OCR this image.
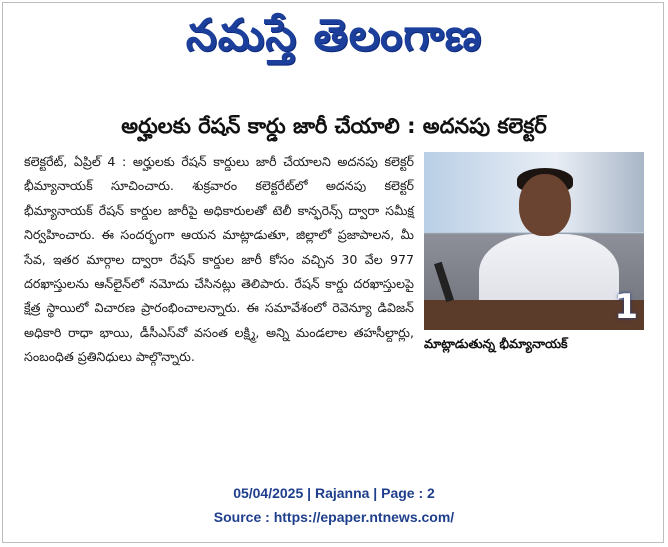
నమస్తే తెలంగాణ
అర్హులకు రేషన్ కార్డు జారీ చేయాలి : అదనపు కలెక్టర్
1
మాట్లాడుతున్న భీమ్యానాయక్

కలెక్టరేట్, ఏప్రిల్ 4 : అర్హులకు రేషన్ కార్డులు జారీ చేయాలని అదనపు కలెక్టర్ భీమ్యానాయక్ సూచించారు. శుక్రవారం కలెక్టరేట్‌లో అదనపు కలెక్టర్ భీమ్యానాయక్ రేషన్ కార్డుల జారీపై అధికారులతో టెలీ కాన్ఫరెన్స్ ద్వారా సమీక్ష నిర్వహించారు. ఈ సందర్భంగా ఆయన మాట్లాడుతూ, జిల్లాలో ప్రజాపాలన, మీ సేవ, ఇతర మార్గాల ద్వారా రేషన్ కార్డుల జారీ కోసం వచ్చిన 30 వేల 977 దరఖాస్తులను ఆన్‌లైన్‌లో నమోదు చేసినట్లు తెలిపారు. రేషన్ కార్డు దరఖాస్తులపై క్షేత్ర స్థాయిలో విచారణ ప్రారంభించాలన్నారు. ఈ సమావేశంలో రెవెన్యూ డివిజన్ అధికారి రాధా భాయి, డీసీఎస్‌వో వసంత లక్ష్మి, అన్ని మండలాల తహసీల్దార్లు, సంబంధిత ప్రతినిధులు పాల్గొన్నారు.

05/04/2025 | Rajanna | Page : 2
Source : https://epaper.ntnews.com/
